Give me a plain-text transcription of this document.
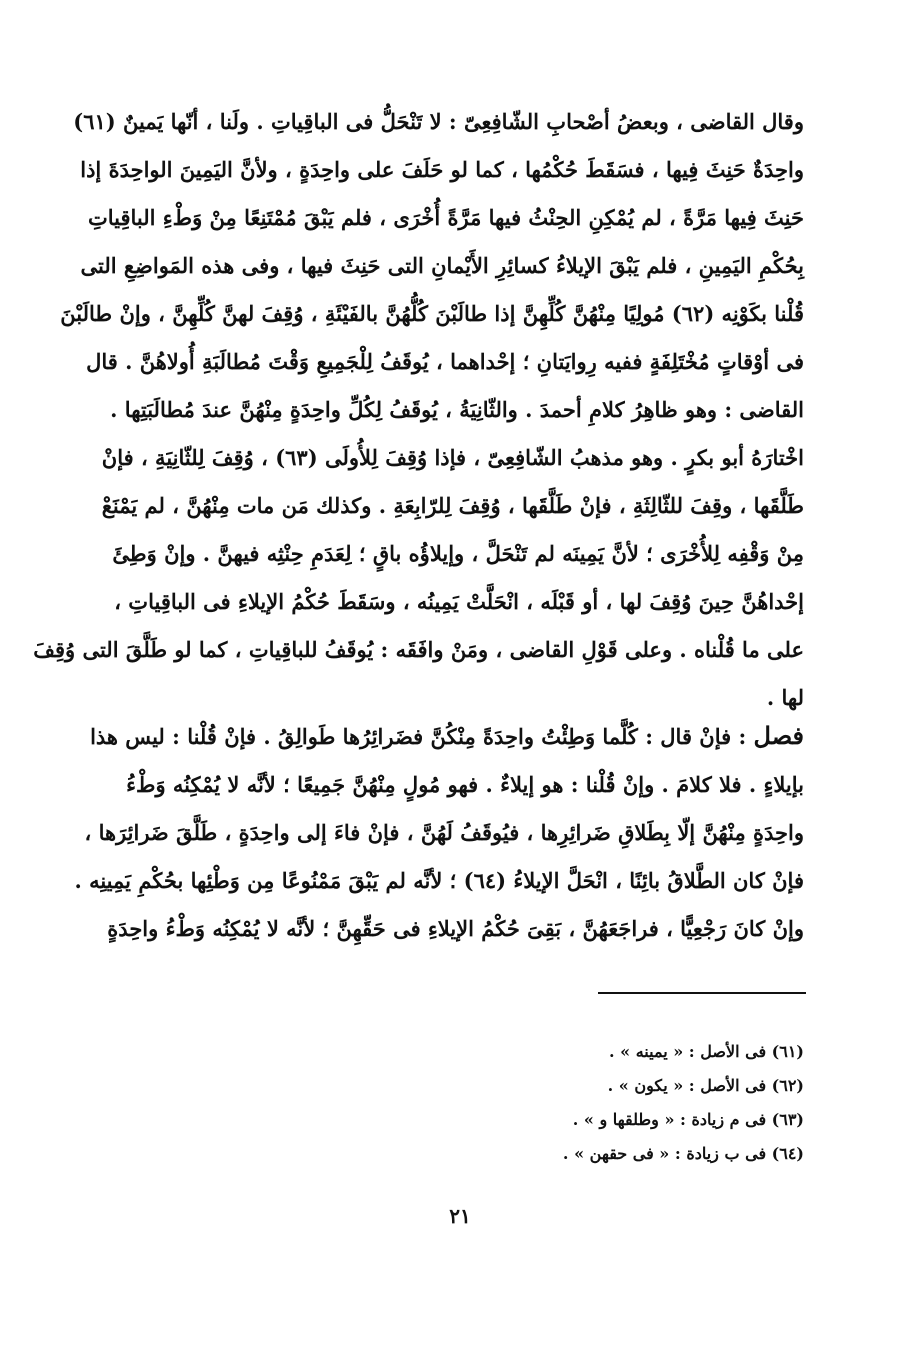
وقال القاضى ، وبعضُ أصْحابِ الشّافِعِىّ : لا تَنْحَلُّ فى الباقِياتِ . ولَنا ، أنّها يَمينٌ (٦١)
واحِدَةٌ حَنِثَ فِيها ، فسَقَطَ حُكْمُها ، كما لو حَلَفَ على واحِدَةٍ ، ولأنَّ اليَمِينَ الواحِدَةَ إذا
حَنِثَ فِيها مَرَّةً ، لم يُمْكِنِ الحِنْثُ فيها مَرَّةً أُخْرَى ، فلم يَبْقَ مُمْتَنِعًا مِنْ وَطْءِ الباقِياتِ
بِحُكْمِ اليَمِينِ ، فلم يَبْقَ الإيلاءُ كسائِرِ الأَيْمانِ التى حَنِثَ فيها ، وفى هذه المَواضِعِ التى
قُلْنا بكَوْنِه (٦٢) مُولِيًا مِنْهُنَّ كُلِّهِنَّ إذا طالَبْنَ كُلُّهُنَّ بالفَيْئَةِ ، وُقِفَ لهنَّ كُلِّهِنَّ ، وإنْ طالَبْنَ
فى أوْقاتٍ مُخْتَلِفَةٍ ففيه رِوايَتانِ ؛ إحْداهما ، يُوقَفُ لِلْجَمِيعِ وَقْتَ مُطالَبَةِ أُولاهُنَّ . قال
القاضى : وهو ظاهِرُ كلامِ أحمدَ . والثّانِيَةُ ، يُوقَفُ لِكُلِّ واحِدَةٍ مِنْهُنَّ عندَ مُطالَبَتِها .
اخْتارَهُ أبو بكرٍ . وهو مذهبُ الشّافِعِىّ ، فإذا وُقِفَ لِلأُولَى (٦٣) ، وُقِفَ لِلثّانِيَةِ ، فإنْ
طَلَّقَها ، وقِفَ للثّالِثَةِ ، فإنْ طَلَّقَها ، وُقِفَ لِلرّابِعَةِ . وكذلك مَن مات مِنْهُنَّ ، لم يَمْنَعْ
مِنْ وَقْفِه لِلأُخْرَى ؛ لأنَّ يَمِينَه لم تَنْحَلَّ ، وإيلاؤُه باقٍ ؛ لِعَدَمِ حِنْثِه فيهنَّ . وإنْ وَطِئَ
إحْداهُنَّ حِينَ وُقِفَ لها ، أو قَبْلَه ، انْحَلَّتْ يَمِينُه ، وسَقَطَ حُكْمُ الإيلاءِ فى الباقِياتِ ،
على ما قُلْناه . وعلى قَوْلِ القاضى ، ومَنْ وافَقَه : يُوقَفُ للباقِياتِ ، كما لو طَلَّقَ التى وُقِفَ
لها .
فصل : فإنْ قال : كُلَّما وَطِئْتُ واحِدَةً مِنْكُنَّ فضَرائِرُها طَوالِقُ . فإنْ قُلْنا : ليس هذا
بإيلاءٍ . فلا كلامَ . وإنْ قُلْنا : هو إيلاءٌ . فهو مُولٍ مِنْهُنَّ جَمِيعًا ؛ لأنَّه لا يُمْكِنُه وَطْءُ
واحِدَةٍ مِنْهُنَّ إلّا بِطَلاقِ ضَرائِرِها ، فيُوقَفُ لَهُنَّ ، فإنْ فاءَ إلى واحِدَةٍ ، طَلَّقَ ضَرائِرَها ،
فإنْ كان الطَّلاقُ بائِنًا ، انْحَلَّ الإيلاءُ (٦٤) ؛ لأنَّه لم يَبْقَ مَمْنُوعًا مِن وَطْئِها بحُكْمِ يَمِينِه .
وإنْ كانَ رَجْعِيًّا ، فراجَعَهُنَّ ، بَقِىَ حُكْمُ الإيلاءِ فى حَقِّهِنَّ ؛ لأنَّه لا يُمْكِنُه وَطْءُ واحِدَةٍ
(٦١) فى الأصل : « يمينه » .
(٦٢) فى الأصل : « يكون » .
(٦٣) فى م زيادة : « وطلقها و » .
(٦٤) فى ب زيادة : « فى حقهن » .
٢١
